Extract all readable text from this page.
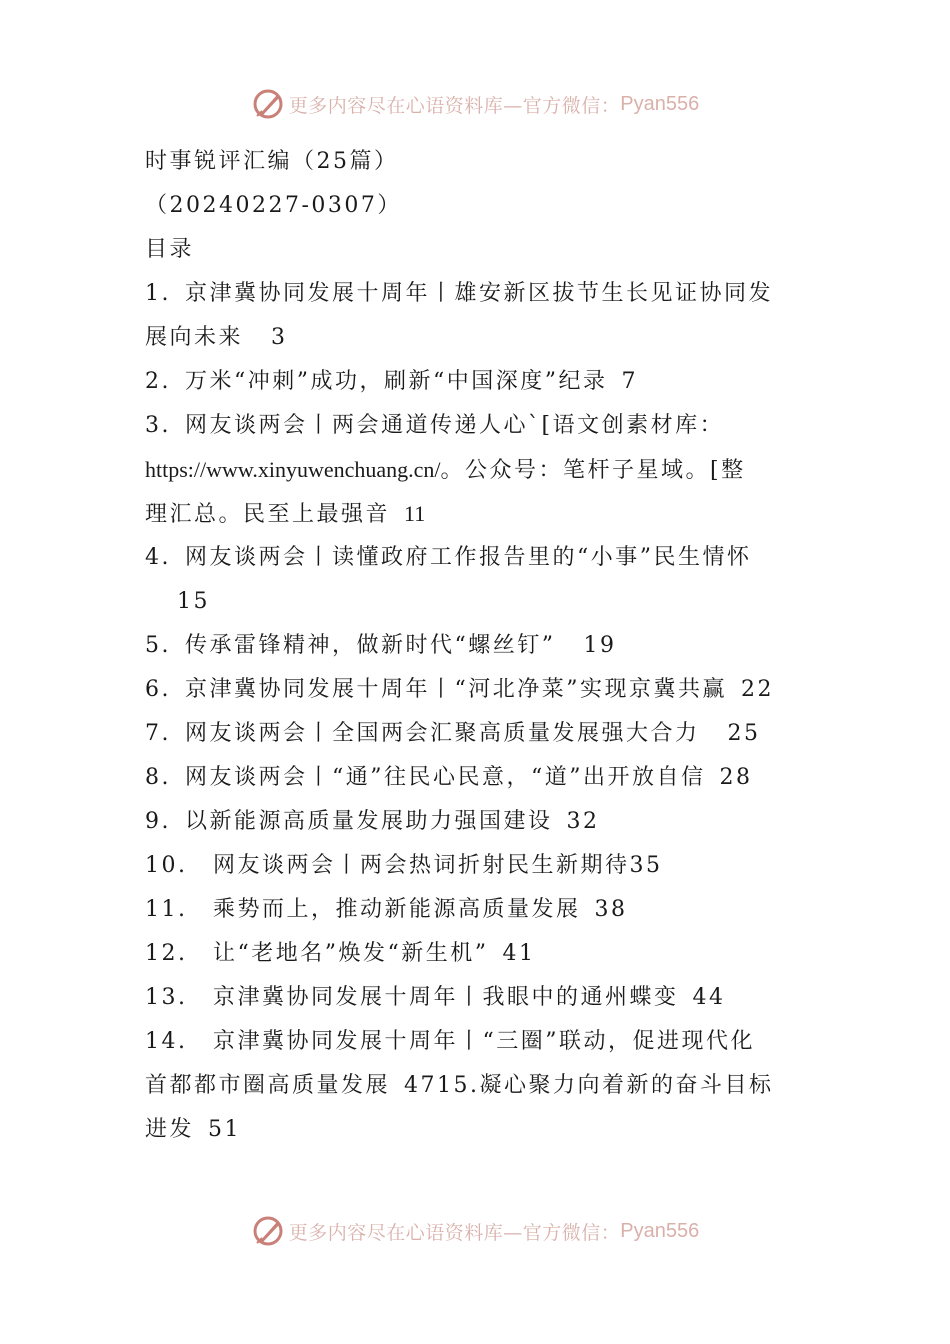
更多内容尽在心语资料库—官方微信： Pyan556
时事锐评汇编（25篇）
（20240227-0307）
目录
1. 京津冀协同发展十周年丨雄安新区拔节生长见证协同发
展向未来 3
2. 万米“冲刺”成功，刷新“中国深度”纪录 7
3. 网友谈两会丨两会通道传递人心`[语文创素材库：
https://www.xinyuwenchuang.cn/。公众号：笔杆子星域。[整
理汇总。民至上最强音 11
4. 网友谈两会丨读懂政府工作报告里的“小事”民生情怀
15
5. 传承雷锋精神，做新时代“螺丝钉” 19
6. 京津冀协同发展十周年丨“河北净菜”实现京冀共赢 22
7. 网友谈两会丨全国两会汇聚高质量发展强大合力 25
8. 网友谈两会丨“通”往民心民意，“道”出开放自信 28
9. 以新能源高质量发展助力强国建设 32
10. 网友谈两会丨两会热词折射民生新期待35
11. 乘势而上，推动新能源高质量发展 38
12. 让“老地名”焕发“新生机” 41
13. 京津冀协同发展十周年丨我眼中的通州蝶变 44
14. 京津冀协同发展十周年丨“三圈”联动，促进现代化
首都都市圈高质量发展 4715.凝心聚力向着新的奋斗目标
进发 51
更多内容尽在心语资料库—官方微信： Pyan556
